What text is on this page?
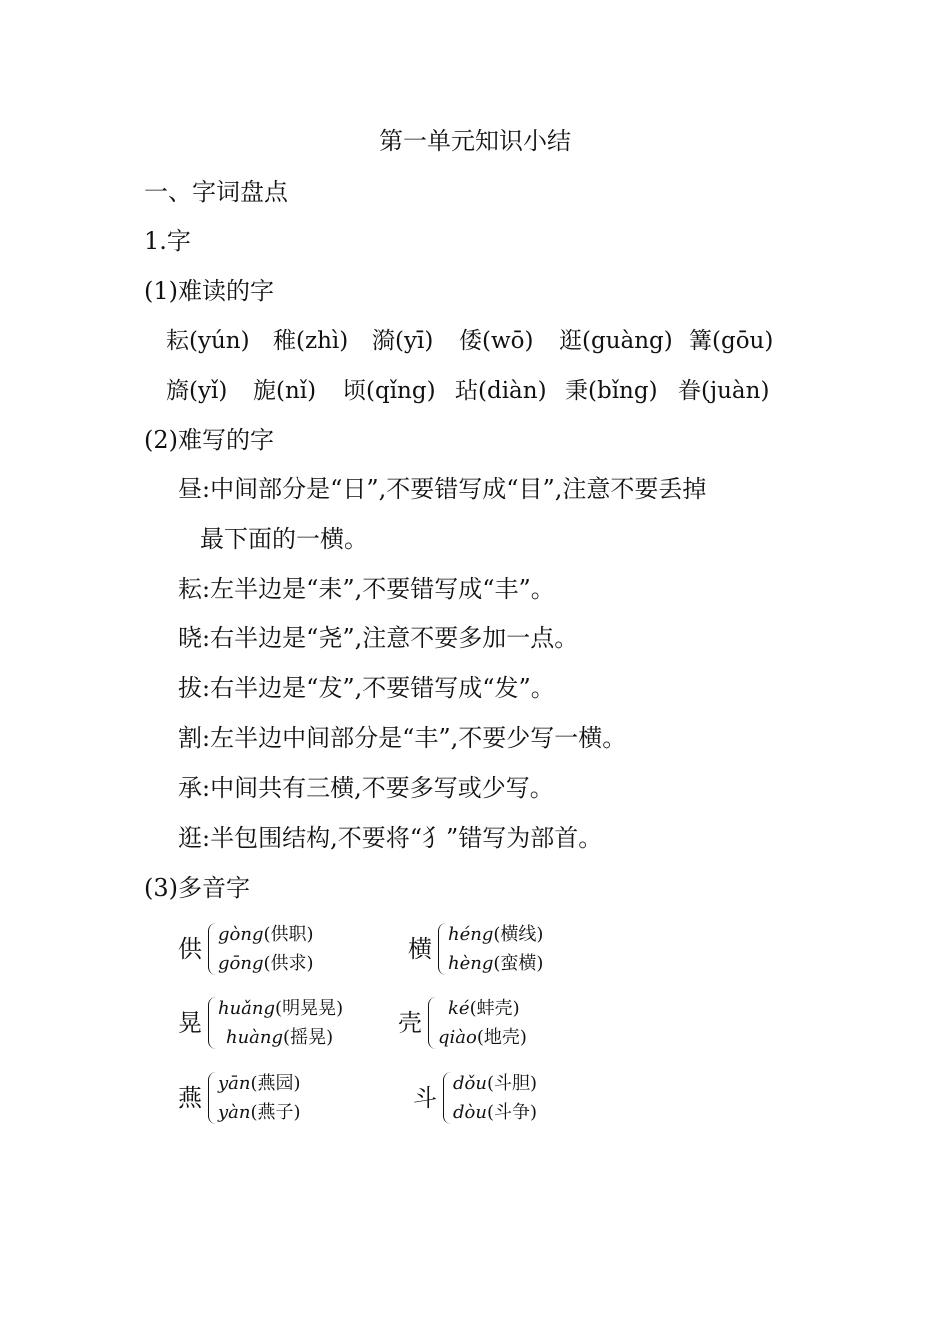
第一单元知识小结
一、字词盘点
1.字
(1)难读的字
耘(yún) 稚(zhì) 漪(yī) 倭(wō) 逛(guàng) 篝(gōu)
旖(yǐ) 旎(nǐ) 顷(qǐng) 玷(diàn) 秉(bǐng) 眷(juàn)
(2)难写的字
昼:中间部分是“日”,不要错写成“目”,注意不要丢掉
最下面的一横。
耘:左半边是“耒”,不要错写成“丰”。
晓:右半边是“尧”,注意不要多加一点。
拔:右半边是“犮”,不要错写成“发”。
割:左半边中间部分是“丰”,不要少写一横。
承:中间共有三横,不要多写或少写。
逛:半包围结构,不要将“犭”错写为部首。
(3)多音字
供
gòng(供职)
gōng(供求)
横
héng(横线)
hèng(蛮横)
晃
huǎng(明晃晃)
huàng(摇晃)
壳
ké(蚌壳)
qiào(地壳)
燕
yān(燕园)
yàn(燕子)
斗
dǒu(斗胆)
dòu(斗争)
